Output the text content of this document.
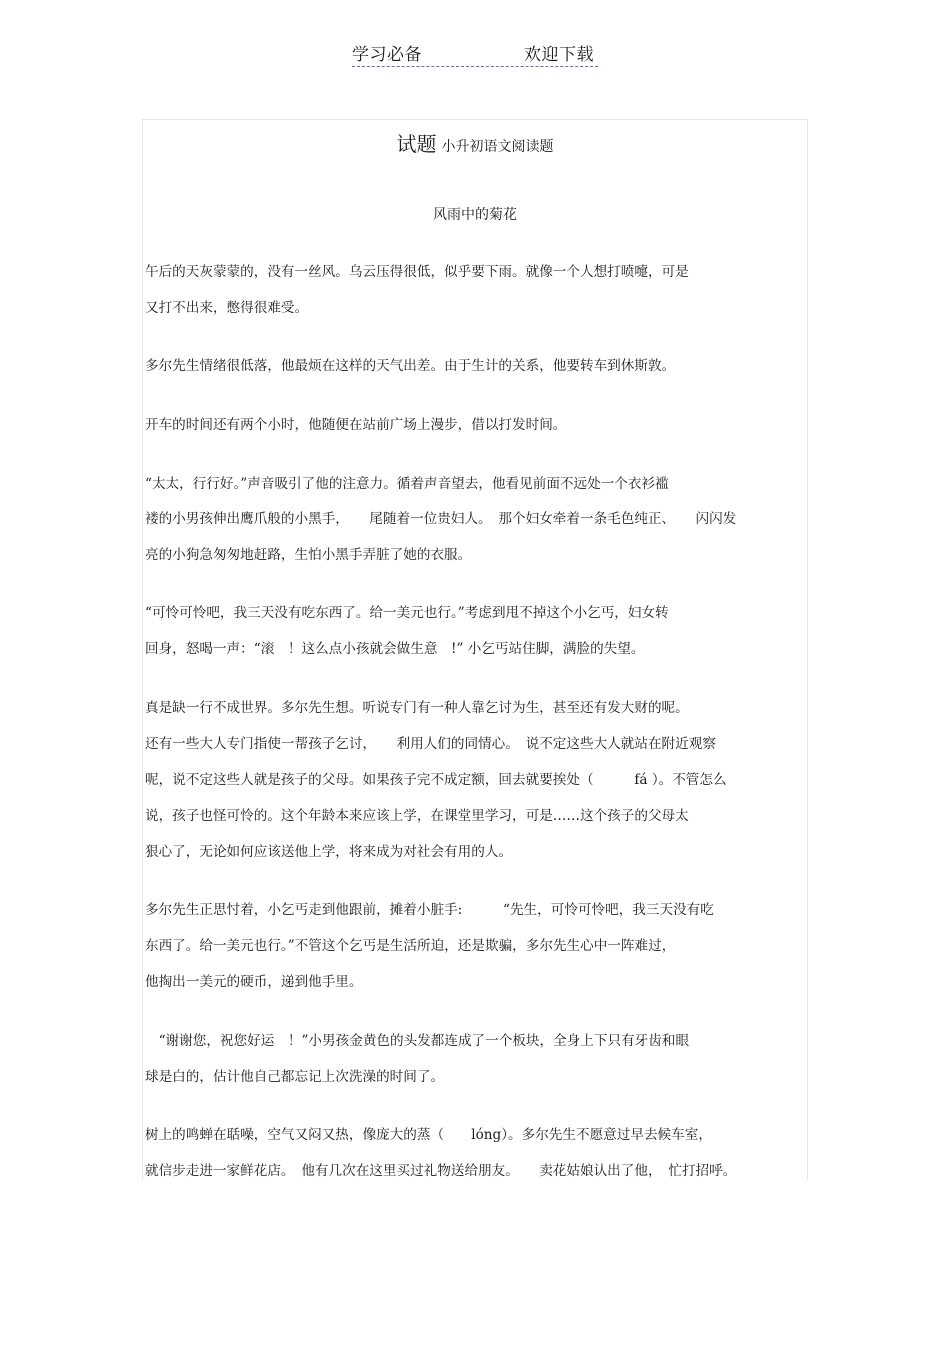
学习必备	欢迎下载
试题 小升初语文阅读题
风雨中的菊花
午后的天灰蒙蒙的，没有一丝风。乌云压得很低，似乎要下雨。就像一个人想打喷嚏，可是
又打不出来，憋得很难受。
多尔先生情绪很低落，他最烦在这样的天气出差。由于生计的关系，他要转车到休斯敦。
开车的时间还有两个小时，他随便在站前广场上漫步，借以打发时间。
“太太，行行好。”声音吸引了他的注意力。循着声音望去，他看见前面不远处一个衣衫褴
褛的小男孩伸出鹰爪般的小黑手，　　尾随着一位贵妇人。　那个妇女牵着一条毛色纯正、　　闪闪发
亮的小狗急匆匆地赶路，生怕小黑手弄脏了她的衣服。
“可怜可怜吧，我三天没有吃东西了。给一美元也行。”考虑到甩不掉这个小乞丐，妇女转
回身，怒喝一声：“滚　！这么点小孩就会做生意　!” 小乞丐站住脚，满脸的失望。
真是缺一行不成世界。多尔先生想。听说专门有一种人靠乞讨为生，甚至还有发大财的呢。
还有一些大人专门指使一帮孩子乞讨，　　利用人们的同情心。　说不定这些大人就站在附近观察
呢，说不定这些人就是孩子的父母。如果孩子完不成定额，回去就要挨处（　　　fá ）。不管怎么
说，孩子也怪可怜的。这个年龄本来应该上学，在课堂里学习，可是……这个孩子的父母太
狠心了，无论如何应该送他上学，将来成为对社会有用的人。
多尔先生正思忖着，小乞丐走到他跟前，摊着小脏手:　　　“先生，可怜可怜吧，我三天没有吃
东西了。给一美元也行。”不管这个乞丐是生活所迫，还是欺骗，多尔先生心中一阵难过，
他掏出一美元的硬币，递到他手里。
　“谢谢您，祝您好运　！”小男孩金黄色的头发都连成了一个板块，全身上下只有牙齿和眼
球是白的，估计他自己都忘记上次洗澡的时间了。
树上的鸣蝉在聒噪，空气又闷又热，像庞大的蒸（　　lóng）。多尔先生不愿意过早去候车室，
就信步走进一家鲜花店。　他有几次在这里买过礼物送给朋友。　　卖花姑娘认出了他，　忙打招呼。
